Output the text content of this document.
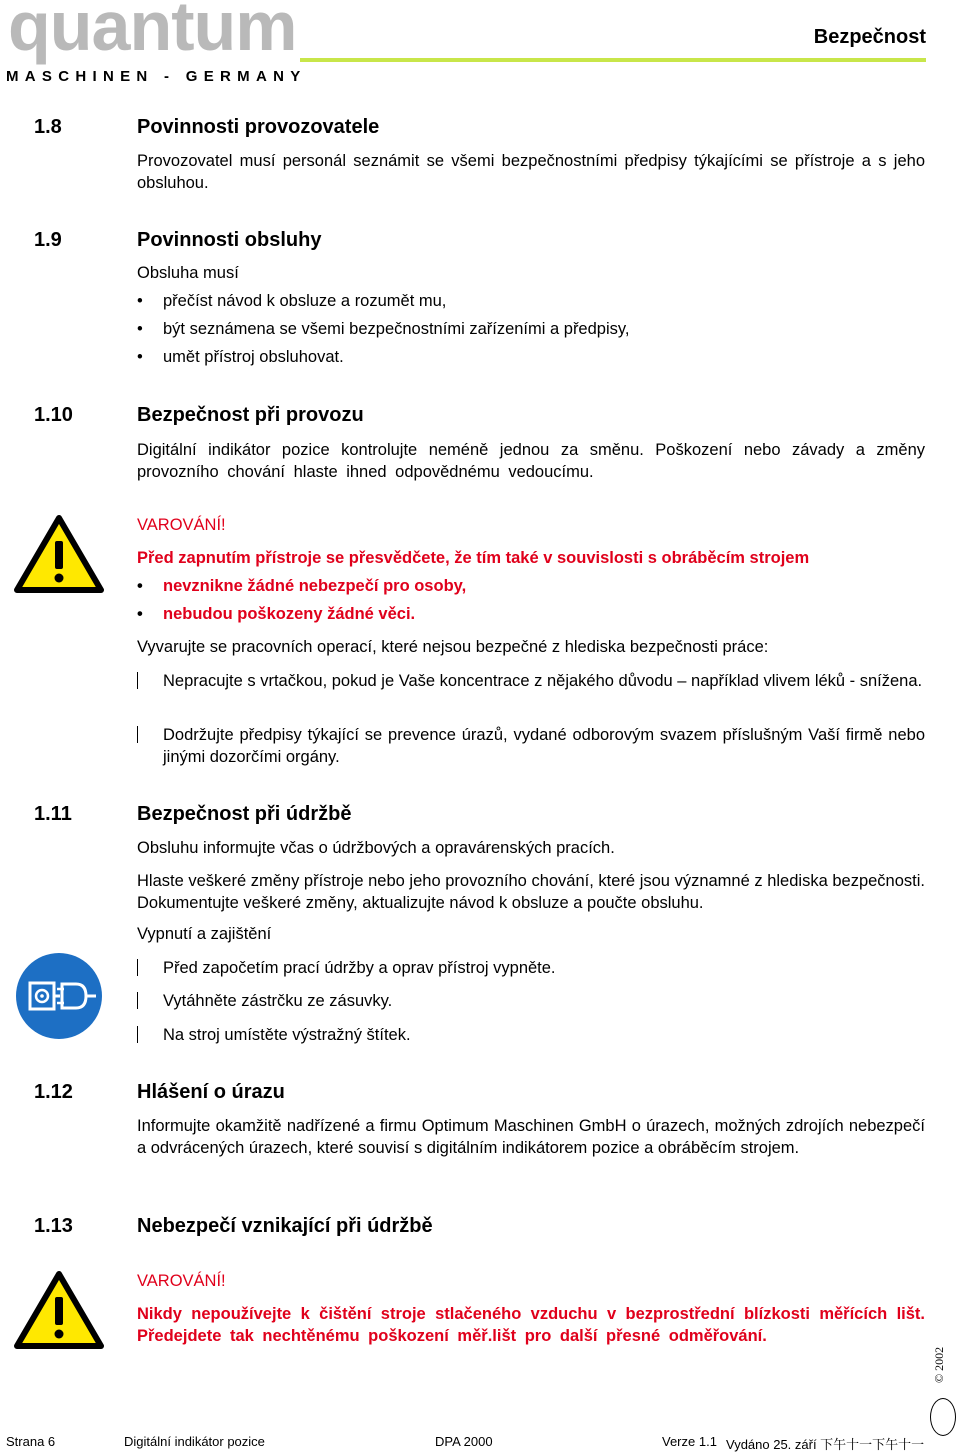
quantum
MASCHINEN - GERMANY
Bezpečnost
1.8	Povinnosti provozovatele
Provozovatel musí personál seznámit se všemi bezpečnostními předpisy týkajícími se přístroje a s jeho obsluhou.
1.9	Povinnosti obsluhy
Obsluha musí
• přečíst návod k obsluze a rozumět mu,
• být seznámena se všemi bezpečnostními zařízeními a předpisy,
• umět přístroj obsluhovat.
1.10	Bezpečnost při provozu
Digitální indikátor pozice kontrolujte neméně jednou za směnu. Poškození nebo závady a změny provozního chování hlaste ihned odpovědnému vedoucímu.
VAROVÁNÍ!
Před zapnutím přístroje se přesvědčete, že tím také v souvislosti s obráběcím strojem
• nevznikne žádné nebezpečí pro osoby,
• nebudou poškozeny žádné věci.
Vyvarujte se pracovních operací, které nejsou bezpečné z hlediska bezpečnosti práce:
Nepracujte s vrtačkou, pokud je Vaše koncentrace z nějakého důvodu – například vlivem léků - snížena.
Dodržujte předpisy týkající se prevence úrazů, vydané odborovým svazem příslušným Vaší firmě nebo jinými dozorčími orgány.
1.11	Bezpečnost při údržbě
Obsluhu informujte včas o údržbových a opravárenských pracích.
Hlaste veškeré změny přístroje nebo jeho provozního chování, které jsou významné z hlediska bezpečnosti. Dokumentujte veškeré změny, aktualizujte návod k obsluze a poučte obsluhu.
Vypnutí a zajištění
Před započetím prací údržby a oprav přístroj vypněte.
Vytáhněte zástrčku ze zásuvky.
Na stroj umístěte výstražný štítek.
1.12	Hlášení o úrazu
Informujte okamžitě nadřízené a firmu Optimum Maschinen GmbH o úrazech, možných zdrojích nebezpečí a odvrácených úrazech, které souvisí s digitálním indikátorem pozice a obráběcím strojem.
1.13	Nebezpečí vznikající při údržbě
VAROVÁNÍ!
Nikdy nepoužívejte k čištění stroje stlačeného vzduchu v bezprostřední blízkosti měřících lišt. Předejdete tak nechtěnému poškození měř.lišt pro další přesné odměřování.
© 2002
Strana 6	Digitální indikátor pozice	DPA 2000	Verze 1.1 Vydáno 25. září 下午十一下午十一
